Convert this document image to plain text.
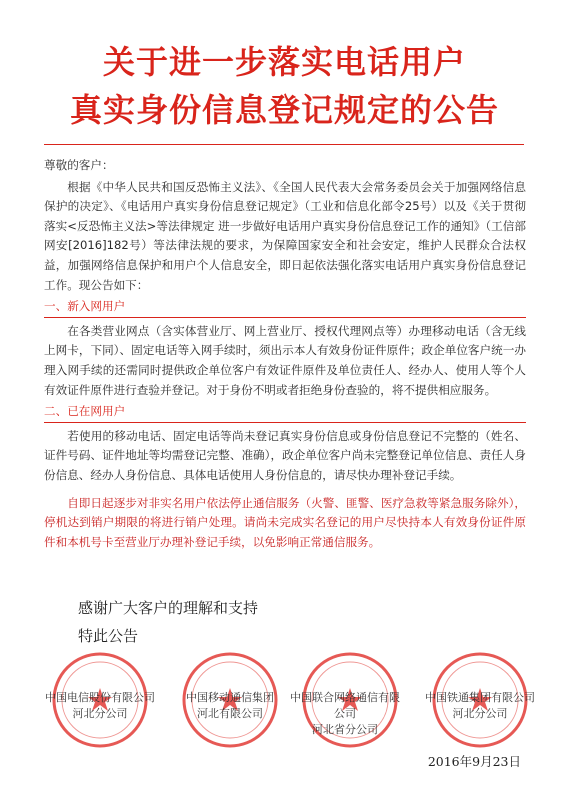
关于进一步落实电话用户
真实身份信息登记规定的公告

尊敬的客户：

根据《中华人民共和国反恐怖主义法》、《全国人民代表大会常务委员会关于加强网络信息保护的决定》、《电话用户真实身份信息登记规定》（工业和信息化部令25号）以及《关于贯彻落实<反恐怖主义法>等法律规定 进一步做好电话用户真实身份信息登记工作的通知》（工信部网安[2016]182号）等法律法规的要求，为保障国家安全和社会安定，维护人民群众合法权益，加强网络信息保护和用户个人信息安全，即日起依法强化落实电话用户真实身份信息登记工作。现公告如下：

一、新入网用户

在各类营业网点（含实体营业厅、网上营业厅、授权代理网点等）办理移动电话（含无线上网卡，下同）、固定电话等入网手续时，须出示本人有效身份证件原件；政企单位客户统一办理入网手续的还需同时提供政企单位客户有效证件原件及单位责任人、经办人、使用人等个人有效证件原件进行查验并登记。对于身份不明或者拒绝身份查验的，将不提供相应服务。

二、已在网用户

若使用的移动电话、固定电话等尚未登记真实身份信息或身份信息登记不完整的（姓名、证件号码、证件地址等均需登记完整、准确），政企单位客户尚未完整登记单位信息、责任人身份信息、经办人身份信息、具体电话使用人身份信息的，请尽快办理补登记手续。

自即日起逐步对非实名用户依法停止通信服务（火警、匪警、医疗急救等紧急服务除外），停机达到销户期限的将进行销户处理。请尚未完成实名登记的用户尽快持本人有效身份证件原件和本机号卡至营业厅办理补登记手续，以免影响正常通信服务。

感谢广大客户的理解和支持
特此公告
中国电信股份有限公司
河北分公司
中国移动通信集团
河北有限公司
中国联合网络通信有限公司
河北省分公司
中国铁通集团有限公司
河北分公司
2016年9月23日
